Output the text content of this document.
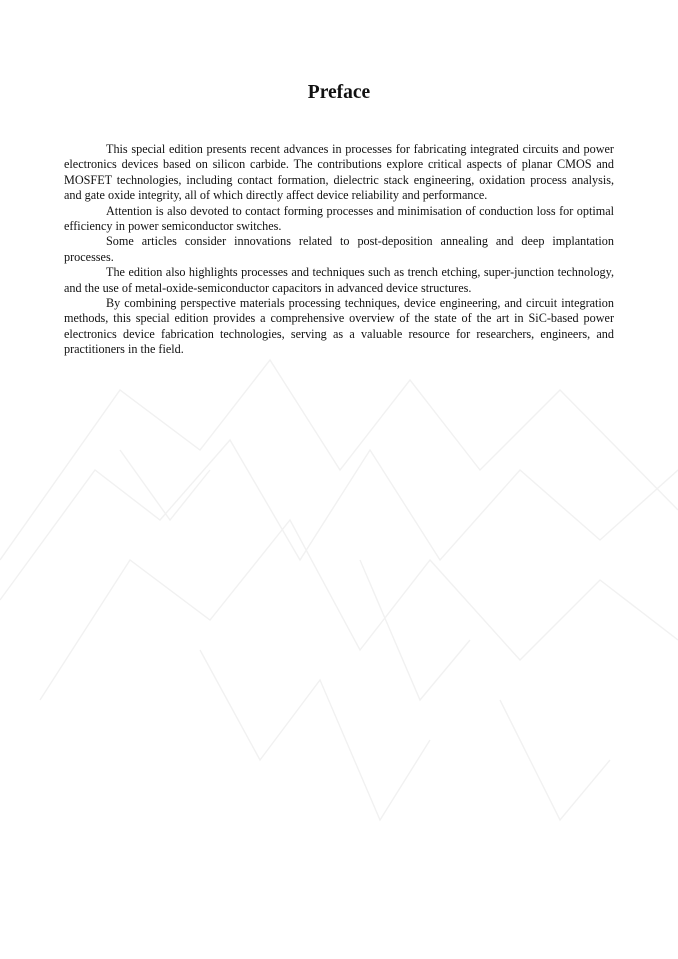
Preface

This special edition presents recent advances in processes for fabricating integrated circuits and power electronics devices based on silicon carbide. The contributions explore critical aspects of planar CMOS and MOSFET technologies, including contact formation, dielectric stack engineering, oxidation process analysis, and gate oxide integrity, all of which directly affect device reliability and performance.

Attention is also devoted to contact forming processes and minimisation of conduction loss for optimal efficiency in power semiconductor switches.

Some articles consider innovations related to post-deposition annealing and deep implantation processes.

The edition also highlights processes and techniques such as trench etching, super-junction technology, and the use of metal-oxide-semiconductor capacitors in advanced device structures.

By combining perspective materials processing techniques, device engineering, and circuit integration methods, this special edition provides a comprehensive overview of the state of the art in SiC-based power electronics device fabrication technologies, serving as a valuable resource for researchers, engineers, and practitioners in the field.
